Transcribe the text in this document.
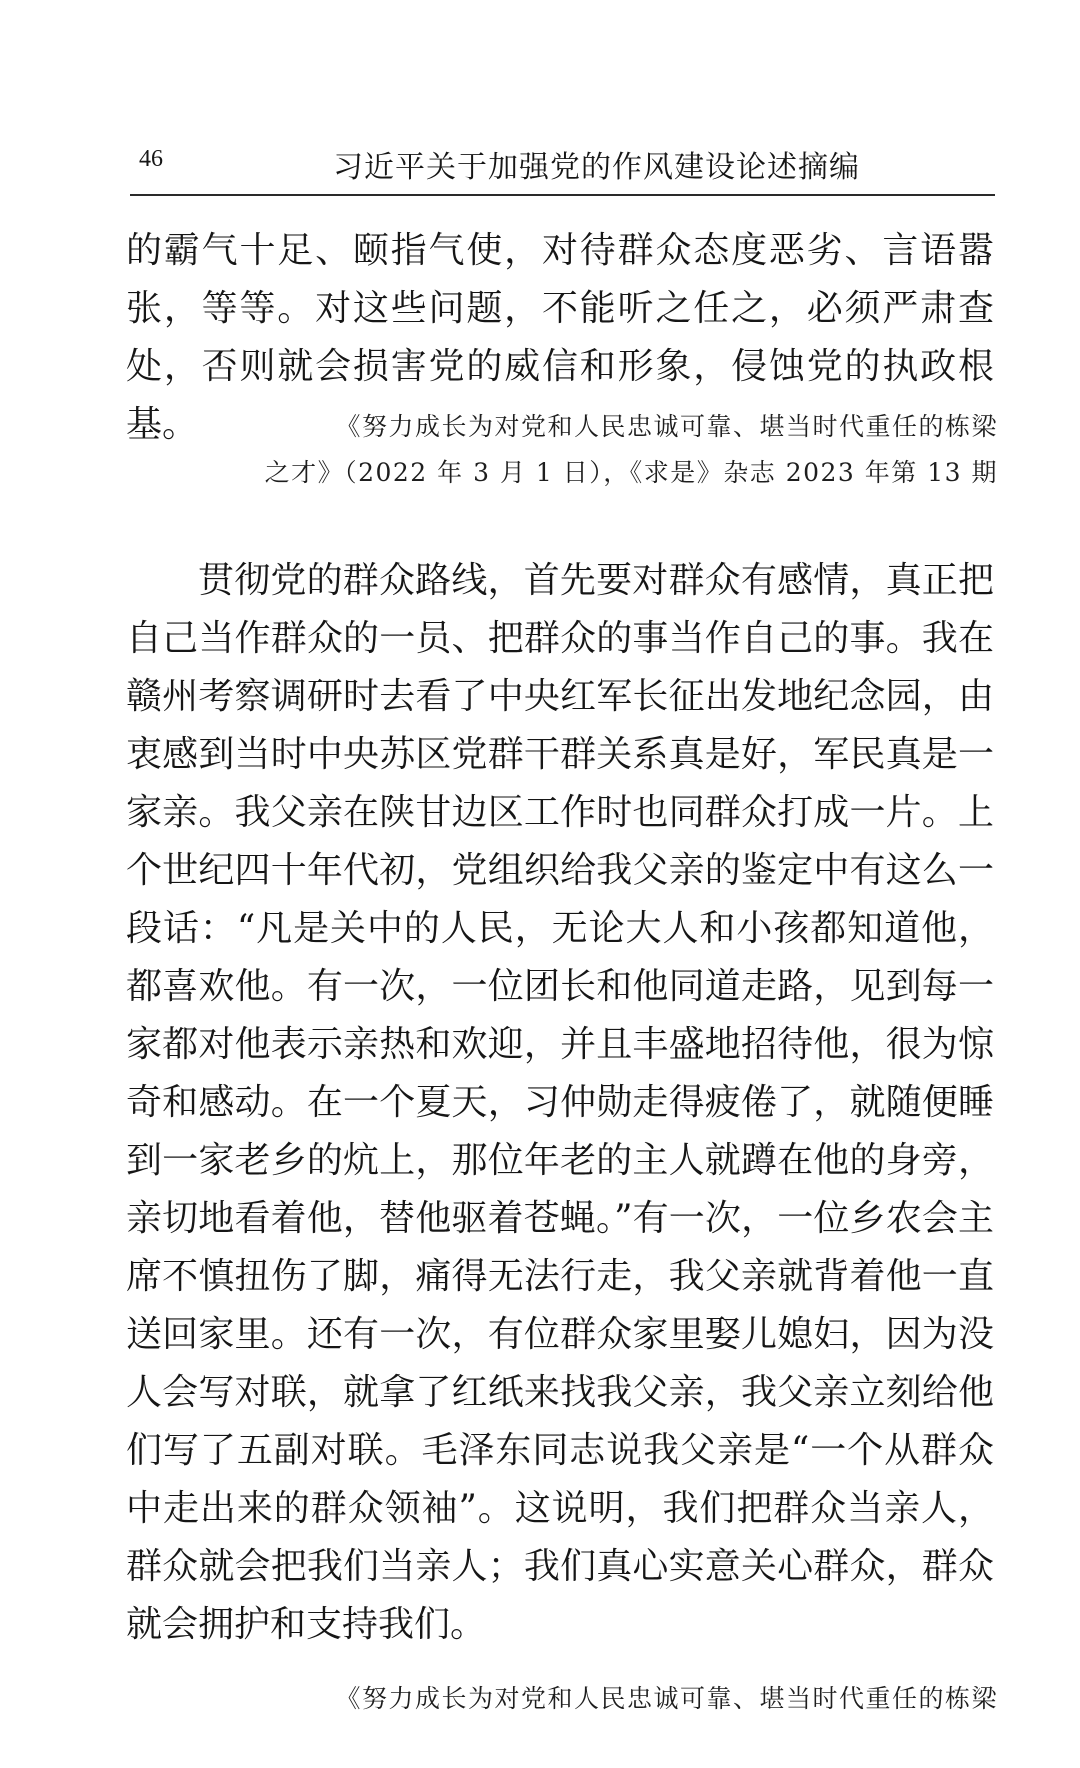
46	习近平关于加强党的作风建设论述摘编
的霸气十足、颐指气使，对待群众态度恶劣、言语嚣张，等等。对这些问题，不能听之任之，必须严肃查处，否则就会损害党的威信和形象，侵蚀党的执政根基。	《努力成长为对党和人民忠诚可靠、堪当时代重任的栋梁
之才》（2022 年 3 月 1 日），《求是》杂志 2023 年第 13 期
贯彻党的群众路线，首先要对群众有感情，真正把自己当作群众的一员、把群众的事当作自己的事。我在赣州考察调研时去看了中央红军长征出发地纪念园，由衷感到当时中央苏区党群干群关系真是好，军民真是一家亲。我父亲在陕甘边区工作时也同群众打成一片。上个世纪四十年代初，党组织给我父亲的鉴定中有这么一段话：“凡是关中的人民，无论大人和小孩都知道他，都喜欢他。有一次，一位团长和他同道走路，见到每一家都对他表示亲热和欢迎，并且丰盛地招待他，很为惊奇和感动。在一个夏天，习仲勋走得疲倦了，就随便睡到一家老乡的炕上，那位年老的主人就蹲在他的身旁，亲切地看着他，替他驱着苍蝇。”有一次，一位乡农会主席不慎扭伤了脚，痛得无法行走，我父亲就背着他一直送回家里。还有一次，有位群众家里娶儿媳妇，因为没人会写对联，就拿了红纸来找我父亲，我父亲立刻给他们写了五副对联。毛泽东同志说我父亲是“一个从群众中走出来的群众领袖”。这说明，我们把群众当亲人，群众就会把我们当亲人；我们真心实意关心群众，群众就会拥护和支持我们。
《努力成长为对党和人民忠诚可靠、堪当时代重任的栋梁
